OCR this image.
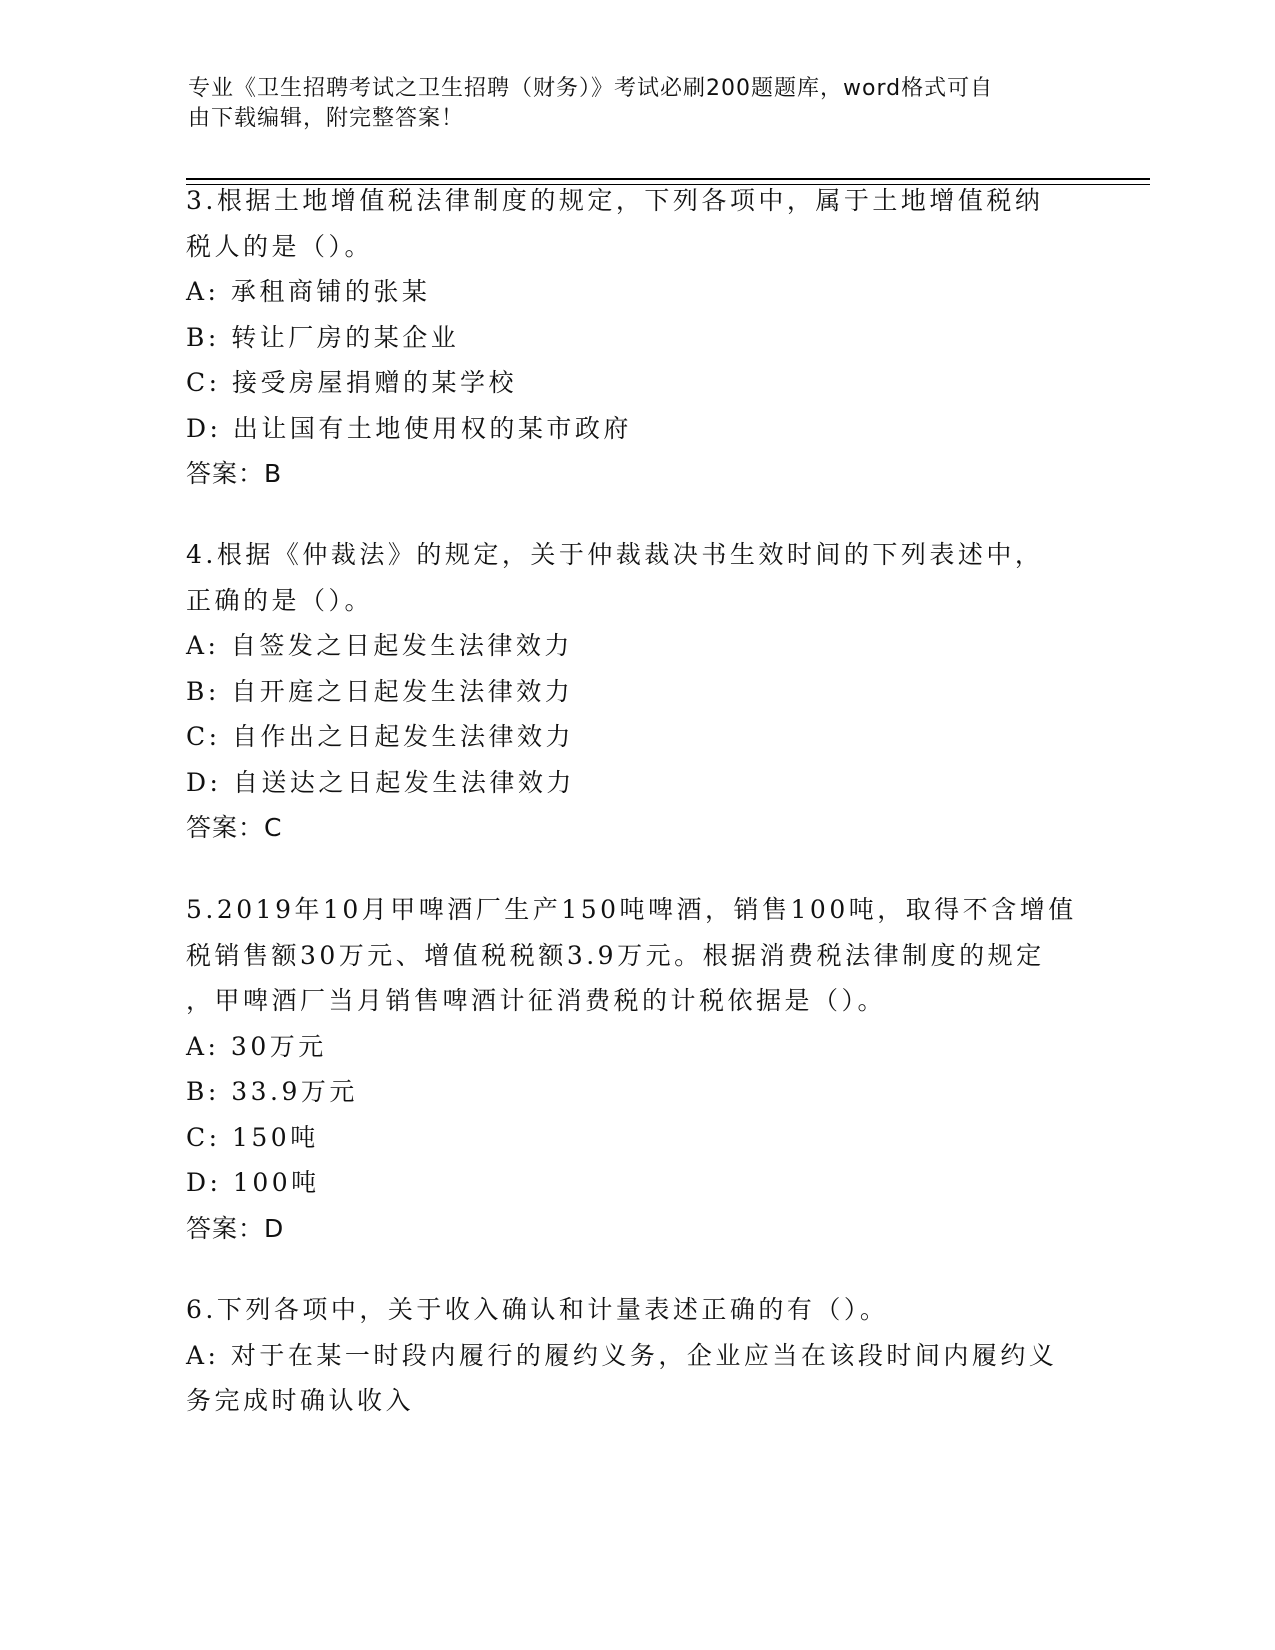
专业《卫生招聘考试之卫生招聘（财务）》考试必刷200题题库，word格式可自
由下载编辑，附完整答案！
3.根据土地增值税法律制度的规定，下列各项中，属于土地增值税纳
税人的是（）。
A: 承租商铺的张某
B: 转让厂房的某企业
C: 接受房屋捐赠的某学校
D: 出让国有土地使用权的某市政府
答案：B
4.根据《仲裁法》的规定，关于仲裁裁决书生效时间的下列表述中，
正确的是（）。
A: 自签发之日起发生法律效力
B: 自开庭之日起发生法律效力
C: 自作出之日起发生法律效力
D: 自送达之日起发生法律效力
答案：C
5.2019年10月甲啤酒厂生产150吨啤酒，销售100吨，取得不含增值
税销售额30万元、增值税税额3.9万元。根据消费税法律制度的规定
，甲啤酒厂当月销售啤酒计征消费税的计税依据是（）。
A: 30万元
B: 33.9万元
C: 150吨
D: 100吨
答案：D
6.下列各项中，关于收入确认和计量表述正确的有（）。
A: 对于在某一时段内履行的履约义务，企业应当在该段时间内履约义
务完成时确认收入
